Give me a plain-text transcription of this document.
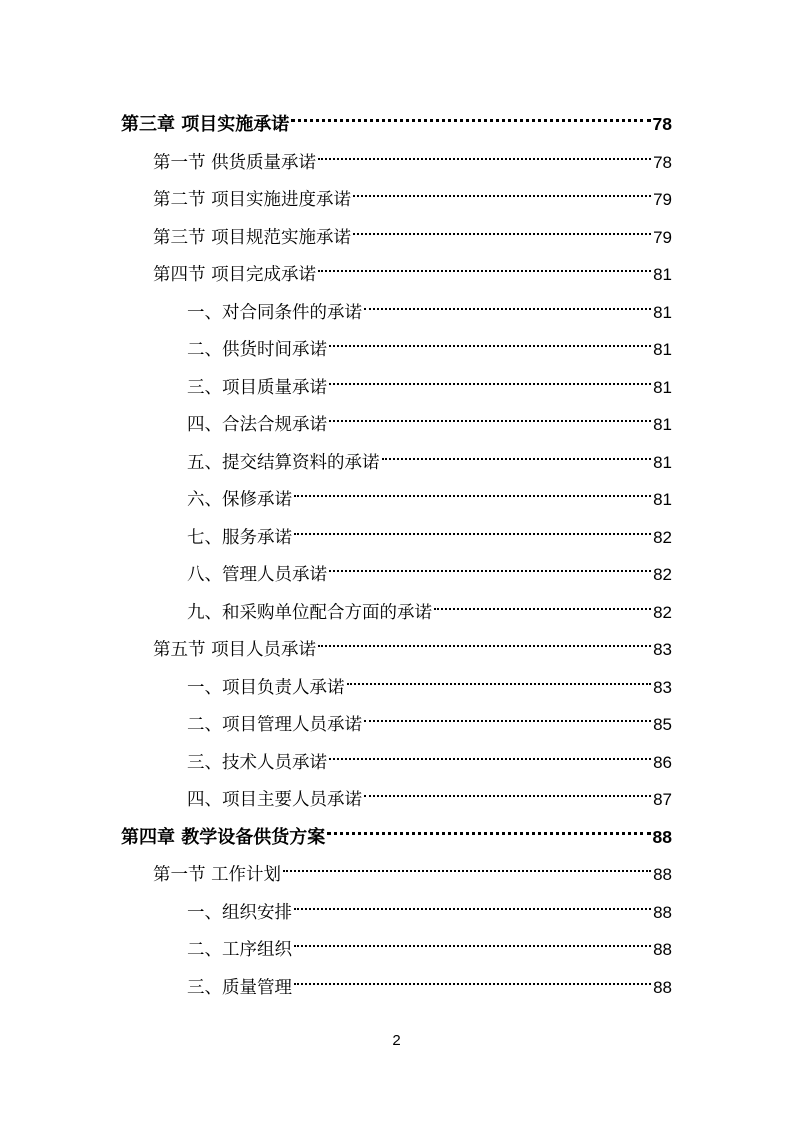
第三章 项目实施承诺	78
第一节 供货质量承诺	78
第二节 项目实施进度承诺	79
第三节 项目规范实施承诺	79
第四节 项目完成承诺	81
一、对合同条件的承诺	81
二、供货时间承诺	81
三、项目质量承诺	81
四、合法合规承诺	81
五、提交结算资料的承诺	81
六、保修承诺	81
七、服务承诺	82
八、管理人员承诺	82
九、和采购单位配合方面的承诺	82
第五节 项目人员承诺	83
一、项目负责人承诺	83
二、项目管理人员承诺	85
三、技术人员承诺	86
四、项目主要人员承诺	87
第四章 教学设备供货方案	88
第一节 工作计划	88
一、组织安排	88
二、工序组织	88
三、质量管理	88
2
